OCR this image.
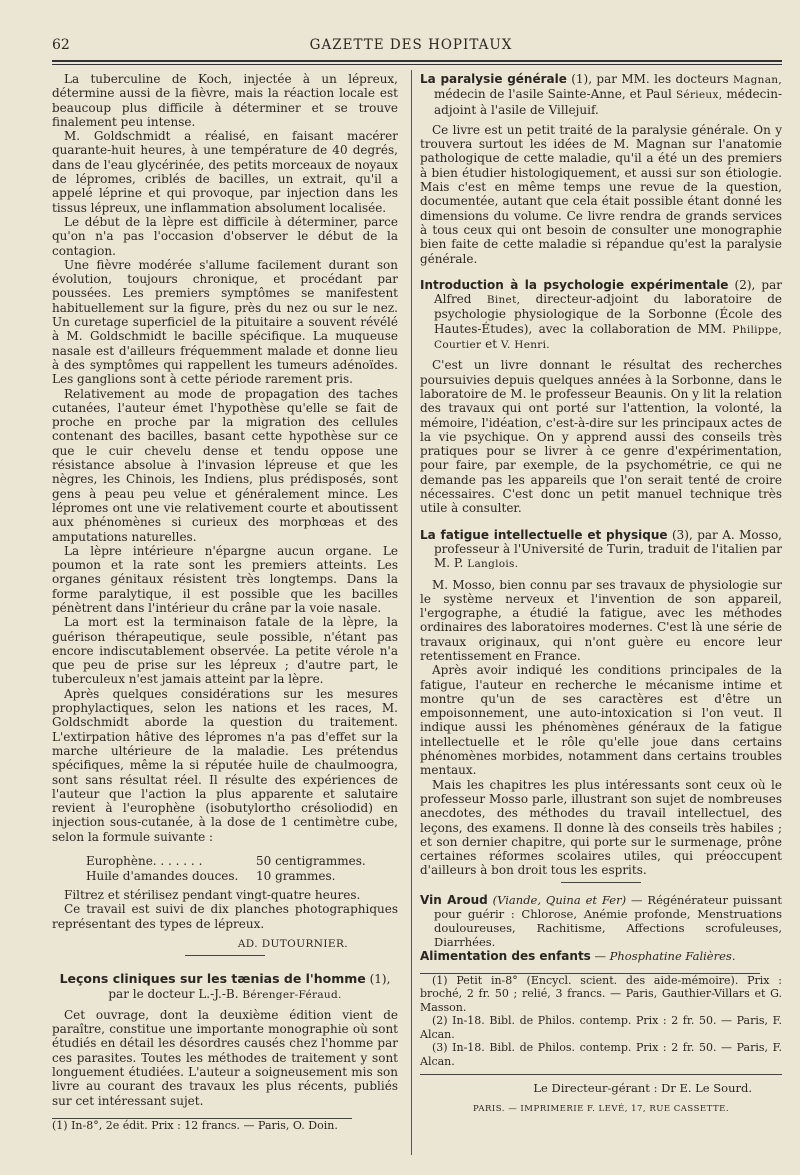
62	GAZETTE DES HOPITAUX

La tuberculine de Koch, injectée à un lépreux, détermine aussi de la fièvre, mais la réaction locale est beaucoup plus difficile à déterminer et se trouve finalement peu intense.

M. Goldschmidt a réalisé, en faisant macérer quarante-huit heures, à une température de 40 degrés, dans de l'eau glycérinée, des petits morceaux de noyaux de lépromes, criblés de bacilles, un extrait, qu'il a appelé léprine et qui provoque, par injection dans les tissus lépreux, une inflammation absolument localisée.

Le début de la lèpre est difficile à déterminer, parce qu'on n'a pas l'occasion d'observer le début de la contagion.

Une fièvre modérée s'allume facilement durant son évolution, toujours chronique, et procédant par poussées. Les premiers symptômes se manifestent habituellement sur la figure, près du nez ou sur le nez. Un curetage superficiel de la pituitaire a souvent révélé à M. Goldschmidt le bacille spécifique. La muqueuse nasale est d'ailleurs fréquemment malade et donne lieu à des symptômes qui rappellent les tumeurs adénoïdes. Les ganglions sont à cette période rarement pris.

Relativement au mode de propagation des taches cutanées, l'auteur émet l'hypothèse qu'elle se fait de proche en proche par la migration des cellules contenant des bacilles, basant cette hypothèse sur ce que le cuir chevelu dense et tendu oppose une résistance absolue à l'invasion lépreuse et que les nègres, les Chinois, les Indiens, plus prédisposés, sont gens à peau peu velue et généralement mince. Les lépromes ont une vie relativement courte et aboutissent aux phénomènes si curieux des morphœas et des amputations naturelles.

La lèpre intérieure n'épargne aucun organe. Le poumon et la rate sont les premiers atteints. Les organes génitaux résistent très longtemps. Dans la forme paralytique, il est possible que les bacilles pénètrent dans l'intérieur du crâne par la voie nasale.

La mort est la terminaison fatale de la lèpre, la guérison thérapeutique, seule possible, n'étant pas encore indiscutablement observée. La petite vérole n'a que peu de prise sur les lépreux ; d'autre part, le tuberculeux n'est jamais atteint par la lèpre.

Après quelques considérations sur les mesures prophylactiques, selon les nations et les races, M. Goldschmidt aborde la question du traitement. L'extirpation hâtive des lépromes n'a pas d'effet sur la marche ultérieure de la maladie. Les prétendus spécifiques, même la si réputée huile de chaulmoogra, sont sans résultat réel. Il résulte des expériences de l'auteur que l'action la plus apparente et salutaire revient à l'europhène (isobutylortho crésoliodid) en injection sous-cutanée, à la dose de 1 centimètre cube, selon la formule suivante :

Europhène. . . . . . .	50 centigrammes.
Huile d'amandes douces.	10 grammes.

Filtrez et stérilisez pendant vingt-quatre heures.

Ce travail est suivi de dix planches photographiques représentant des types de lépreux.

AD. DUTOURNIER.
Leçons cliniques sur les tænias de l'homme (1),
par le docteur L.-J.-B. Bérenger-Féraud.

Cet ouvrage, dont la deuxième édition vient de paraître, constitue une importante monographie où sont étudiés en détail les désordres causés chez l'homme par ces parasites. Toutes les méthodes de traitement y sont longuement étudiées. L'auteur a soigneusement mis son livre au courant des travaux les plus récents, publiés sur cet intéressant sujet.

(1) In-8°, 2e édit. Prix : 12 francs. — Paris, O. Doin.

La paralysie générale (1), par MM. les docteurs Magnan, médecin de l'asile Sainte-Anne, et Paul Sérieux, médecin-adjoint à l'asile de Villejuif.

Ce livre est un petit traité de la paralysie générale. On y trouvera surtout les idées de M. Magnan sur l'anatomie pathologique de cette maladie, qu'il a été un des premiers à bien étudier histologiquement, et aussi sur son étiologie. Mais c'est en même temps une revue de la question, documentée, autant que cela était possible étant donné les dimensions du volume. Ce livre rendra de grands services à tous ceux qui ont besoin de consulter une monographie bien faite de cette maladie si répandue qu'est la paralysie générale.

Introduction à la psychologie expérimentale (2), par Alfred Binet, directeur-adjoint du laboratoire de psychologie physiologique de la Sorbonne (École des Hautes-Études), avec la collaboration de MM. Philippe, Courtier et V. Henri.

C'est un livre donnant le résultat des recherches poursuivies depuis quelques années à la Sorbonne, dans le laboratoire de M. le professeur Beaunis. On y lit la relation des travaux qui ont porté sur l'attention, la volonté, la mémoire, l'idéation, c'est-à-dire sur les principaux actes de la vie psychique. On y apprend aussi des conseils très pratiques pour se livrer à ce genre d'expérimentation, pour faire, par exemple, de la psychométrie, ce qui ne demande pas les appareils que l'on serait tenté de croire nécessaires. C'est donc un petit manuel technique très utile à consulter.

La fatigue intellectuelle et physique (3), par A. Mosso, professeur à l'Université de Turin, traduit de l'italien par M. P. Langlois.

M. Mosso, bien connu par ses travaux de physiologie sur le système nerveux et l'invention de son appareil, l'ergographe, a étudié la fatigue, avec les méthodes ordinaires des laboratoires modernes. C'est là une série de travaux originaux, qui n'ont guère eu encore leur retentissement en France.

Après avoir indiqué les conditions principales de la fatigue, l'auteur en recherche le mécanisme intime et montre qu'un de ses caractères est d'être un empoisonnement, une auto-intoxication si l'on veut. Il indique aussi les phénomènes généraux de la fatigue intellectuelle et le rôle qu'elle joue dans certains phénomènes morbides, notamment dans certains troubles mentaux.

Mais les chapitres les plus intéressants sont ceux où le professeur Mosso parle, illustrant son sujet de nombreuses anecdotes, des méthodes du travail intellectuel, des leçons, des examens. Il donne là des conseils très habiles ; et son dernier chapitre, qui porte sur le surmenage, prône certaines réformes scolaires utiles, qui préoccupent d'ailleurs à bon droit tous les esprits.

Vin Aroud (Viande, Quina et Fer) — Régénérateur puissant pour guérir : Chlorose, Anémie profonde, Menstruations douloureuses, Rachitisme, Affections scrofuleuses, Diarrhées.

Alimentation des enfants — Phosphatine Falières.

(1) Petit in-8° (Encycl. scient. des aide-mémoire). Prix : broché, 2 fr. 50 ; relié, 3 francs. — Paris, Gauthier-Villars et G. Masson.

(2) In-18. Bibl. de Philos. contemp. Prix : 2 fr. 50. — Paris, F. Alcan.

(3) In-18. Bibl. de Philos. contemp. Prix : 2 fr. 50. — Paris, F. Alcan.

Le Directeur-gérant : Dr E. Le Sourd.
PARIS. — IMPRIMERIE F. LEVÉ, 17, RUE CASSETTE.
